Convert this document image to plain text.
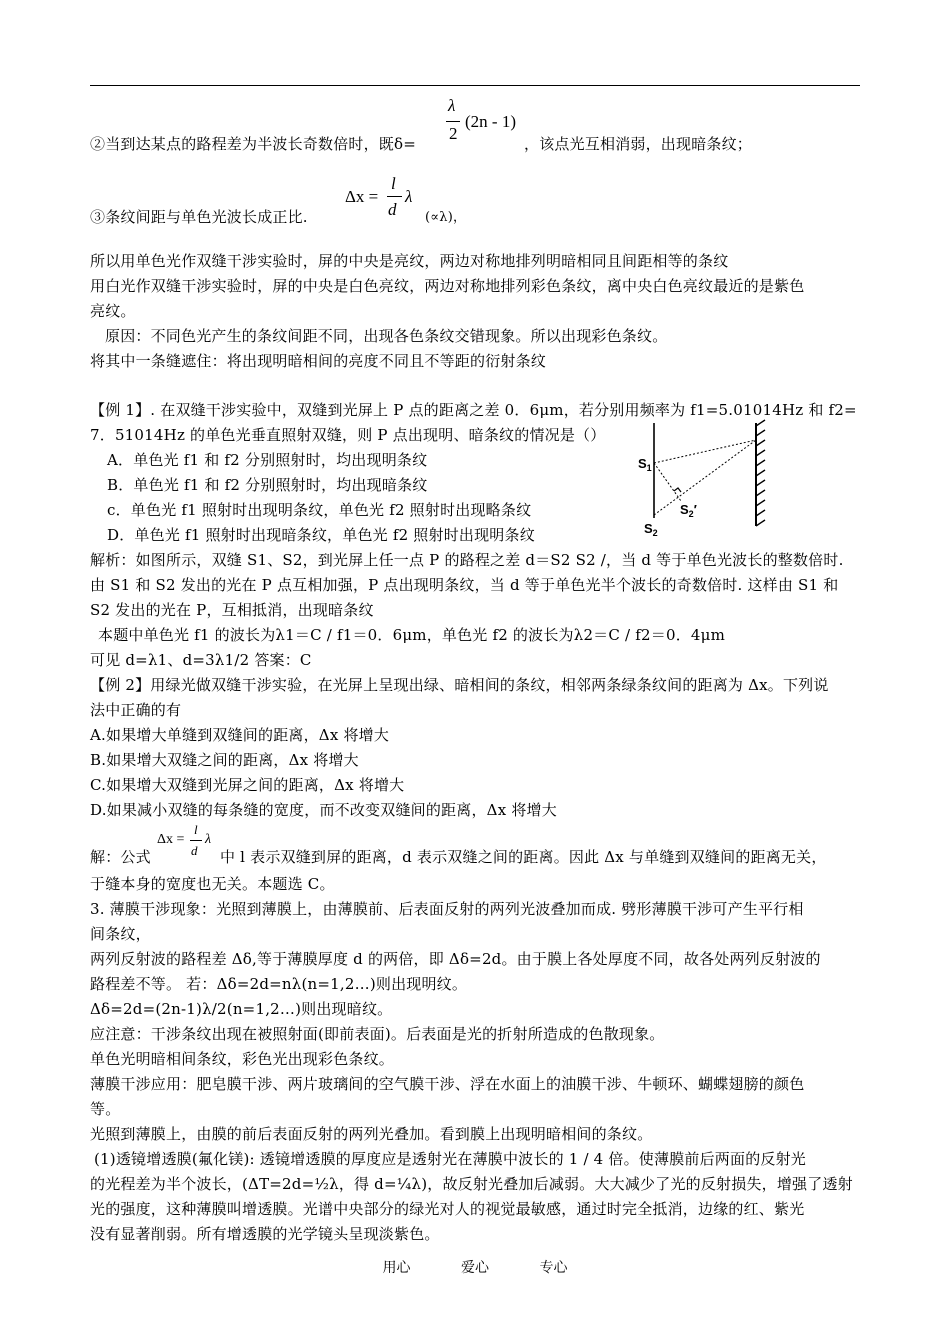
②当到达某点的路程差为半波长奇数倍时，既δ=
λ
2
(2n - 1)
，该点光互相消弱，出现暗条纹；
③条纹间距与单色光波长成正比.
Δx =
l
d
λ
(∝λ)，
所以用单色光作双缝干涉实验时，屏的中央是亮纹，两边对称地排列明暗相同且间距相等的条纹
用白光作双缝干涉实验时，屏的中央是白色亮纹，两边对称地排列彩色条纹，离中央白色亮纹最近的是紫色
亮纹。
原因：不同色光产生的条纹间距不同，出现各色条纹交错现象。所以出现彩色条纹。
将其中一条缝遮住：将出现明暗相间的亮度不同且不等距的衍射条纹
【例 1】. 在双缝干涉实验中，双缝到光屏上 P 点的距离之差 0．6μm，若分别用频率为 f1=5.01014Hz 和 f2=
7．51014Hz 的单色光垂直照射双缝，则 P 点出现明、暗条纹的情况是（）
A．单色光 f1 和 f2 分别照射时，均出现明条纹
B．单色光 f1 和 f2 分别照射时，均出现暗条纹
c．单色光 f1 照射时出现明条纹，单色光 f2 照射时出现略条纹
D．单色光 f1 照射时出现暗条纹，单色光 f2 照射时出现明条纹
$S_1$
$S_2$
$S_2'$
解析：如图所示，双缝 S1、S2，到光屏上任一点 P 的路程之差 d＝S2 S2 /，当 d 等于单色光波长的整数倍时.
由 S1 和 S2 发出的光在 P 点互相加强，P 点出现明条纹，当 d 等于单色光半个波长的奇数倍时. 这样由 S1 和
S2 发出的光在 P，互相抵消，出现暗条纹
本题中单色光 f1 的波长为λ1＝C / f1＝0．6μm，单色光 f2 的波长为λ2＝C / f2＝0．4μm
可见 d=λ1、d=3λ1/2 答案：C
【例 2】用绿光做双缝干涉实验，在光屏上呈现出绿、暗相间的条纹，相邻两条绿条纹间的距离为 Δx。下列说
法中正确的有
A.如果增大单缝到双缝间的距离，Δx 将增大
B.如果增大双缝之间的距离，Δx 将增大
C.如果增大双缝到光屏之间的距离，Δx 将增大
D.如果减小双缝的每条缝的宽度，而不改变双缝间的距离，Δx 将增大
解：公式
Δx =
l
d
λ
中 l 表示双缝到屏的距离，d 表示双缝之间的距离。因此 Δx 与单缝到双缝间的距离无关，
于缝本身的宽度也无关。本题选 C。
3. 薄膜干涉现象：光照到薄膜上，由薄膜前、后表面反射的两列光波叠加而成. 劈形薄膜干涉可产生平行相
间条纹，
两列反射波的路程差 Δδ,等于薄膜厚度 d 的两倍，即 Δδ=2d。由于膜上各处厚度不同，故各处两列反射波的
路程差不等。 若：Δδ=2d=nλ(n=1,2…)则出现明纹。
Δδ=2d=(2n-1)λ/2(n=1,2…)则出现暗纹。
应注意：干涉条纹出现在被照射面(即前表面)。后表面是光的折射所造成的色散现象。
单色光明暗相间条纹，彩色光出现彩色条纹。
薄膜干涉应用：肥皂膜干涉、两片玻璃间的空气膜干涉、浮在水面上的油膜干涉、牛顿环、蝴蝶翅膀的颜色
等。
光照到薄膜上，由膜的前后表面反射的两列光叠加。看到膜上出现明暗相间的条纹。
(1)透镜增透膜(氟化镁): 透镜增透膜的厚度应是透射光在薄膜中波长的 1 / 4 倍。使薄膜前后两面的反射光
的光程差为半个波长，(ΔT=2d=½λ，得 d=¼λ)，故反射光叠加后减弱。大大减少了光的反射损失，增强了透射
光的强度，这种薄膜叫增透膜。光谱中央部分的绿光对人的视觉最敏感，通过时完全抵消，边缘的红、紫光
没有显著削弱。所有增透膜的光学镜头呈现淡紫色。
用心	爱心	专心
